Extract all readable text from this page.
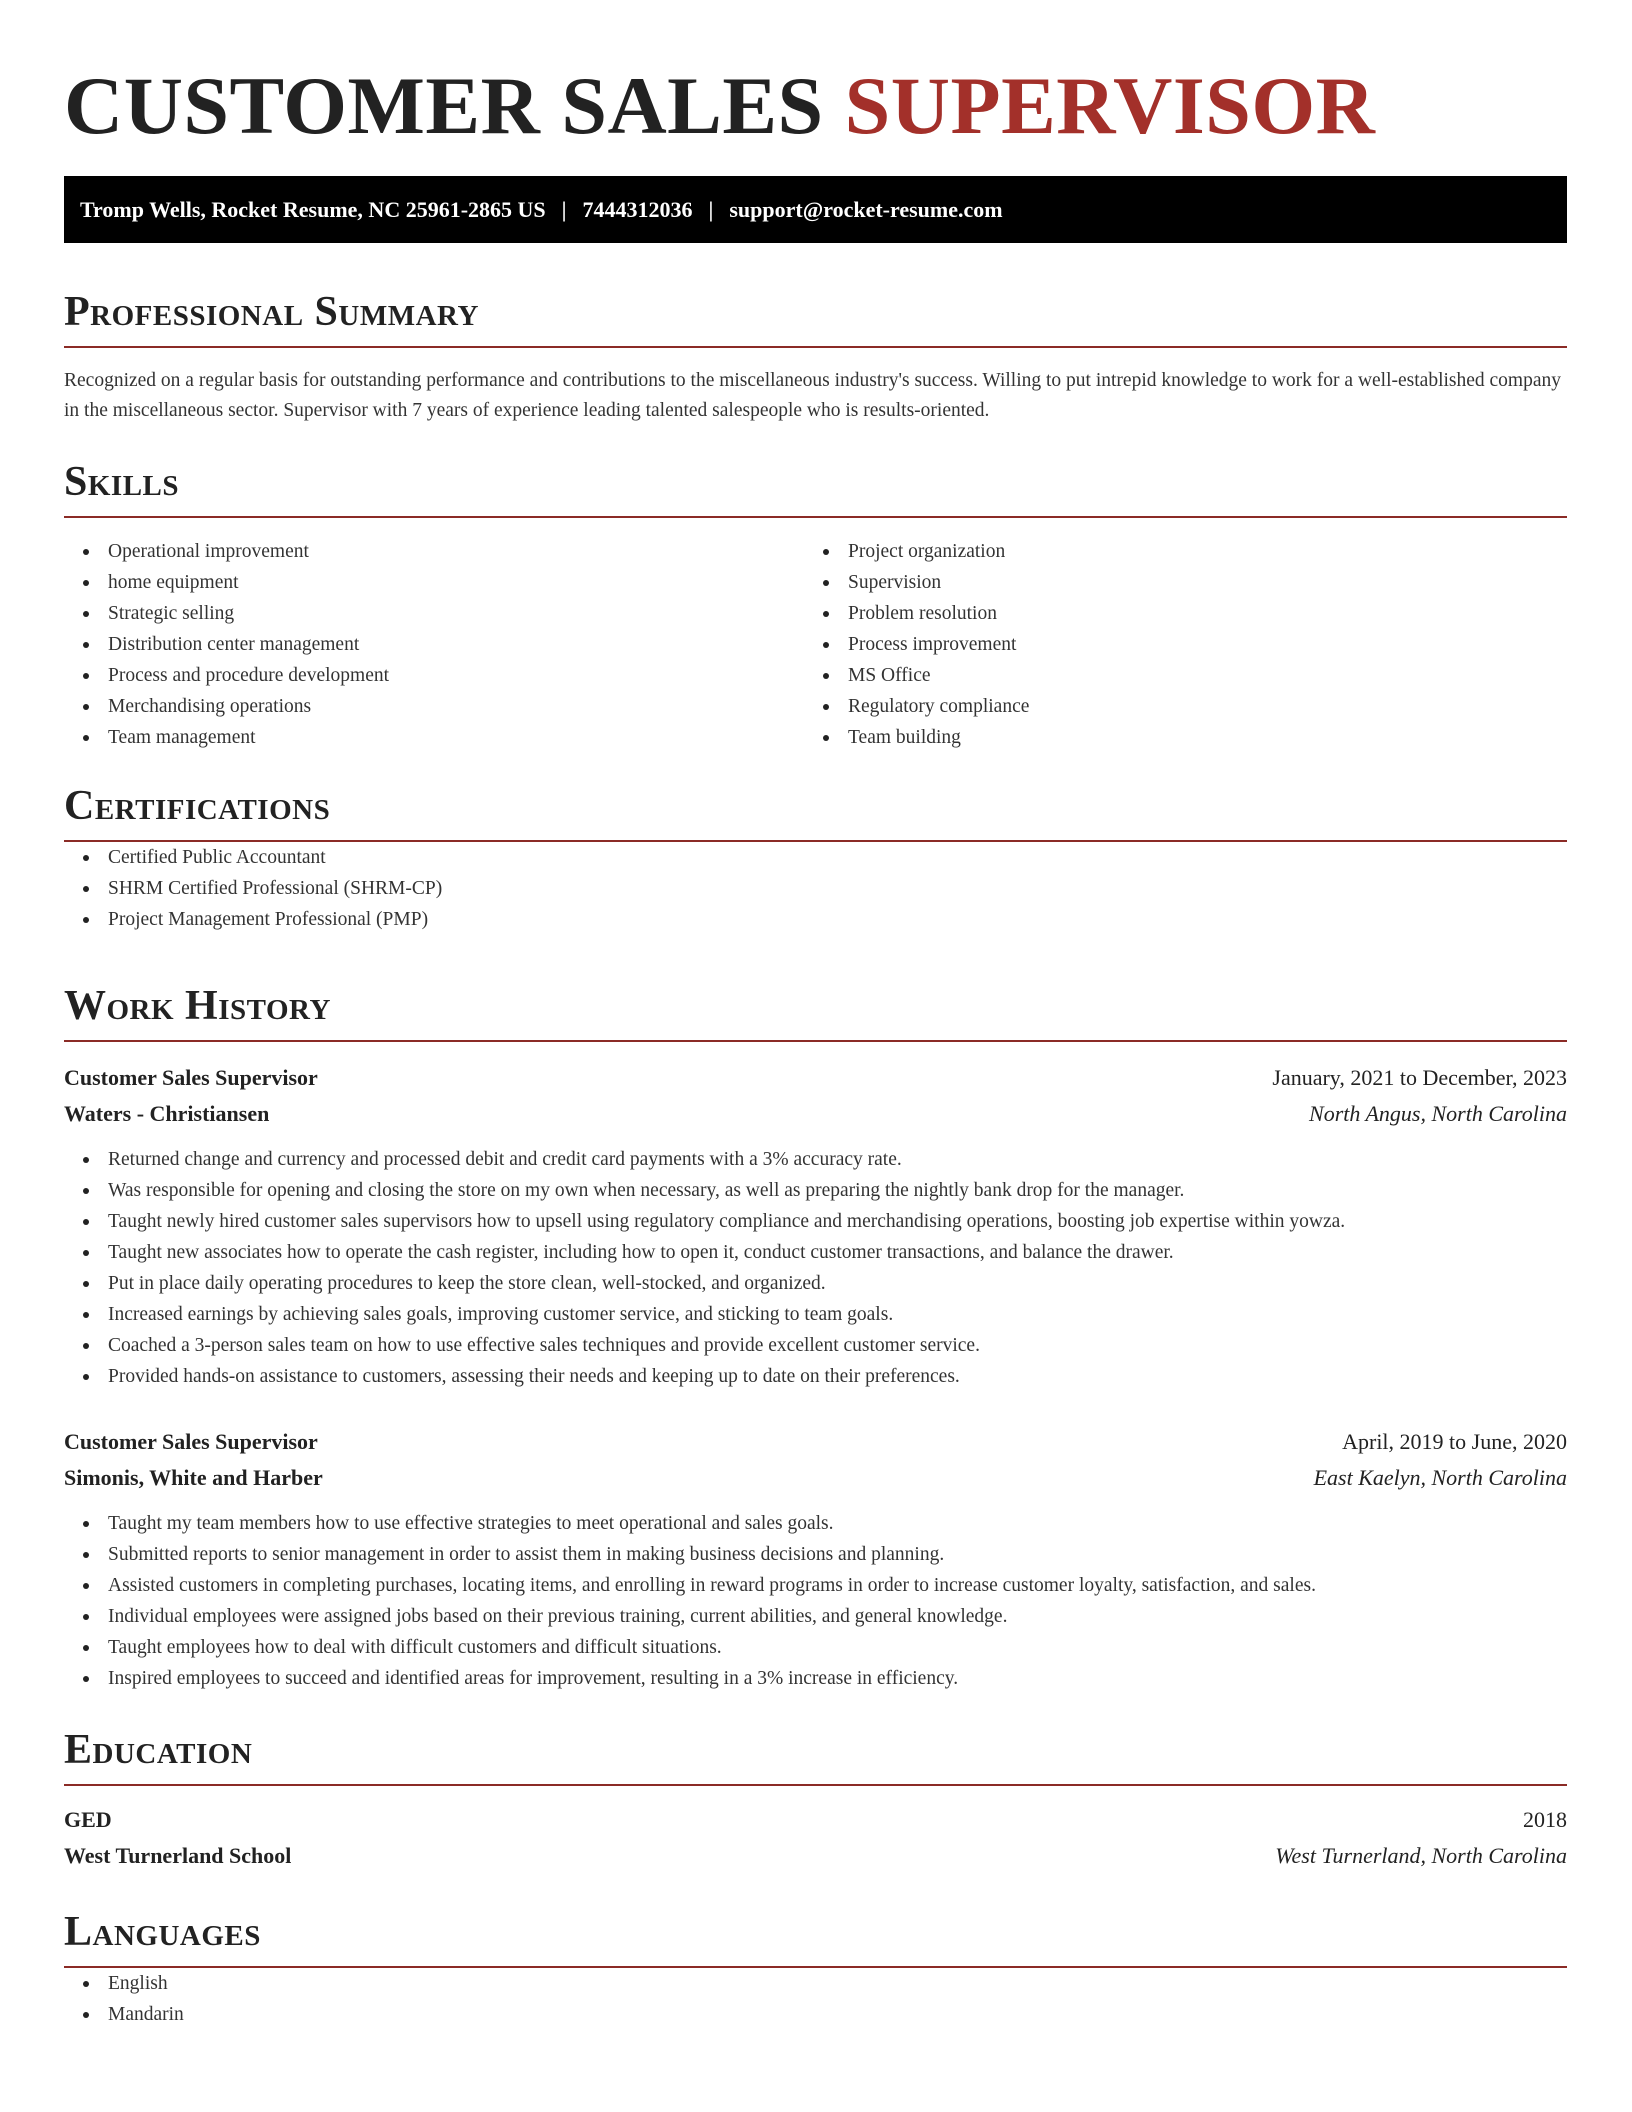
CUSTOMER SALES SUPERVISOR
Tromp Wells, Rocket Resume, NC 25961-2865 US | 7444312036 | support@rocket-resume.com
Professional Summary

Recognized on a regular basis for outstanding performance and contributions to the miscellaneous industry's success. Willing to put intrepid knowledge to work for a well-established company in the miscellaneous sector. Supervisor with 7 years of experience leading talented salespeople who is results-oriented.

Skills
Operational improvement
home equipment
Strategic selling
Distribution center management
Process and procedure development
Merchandising operations
Team management
Project organization
Supervision
Problem resolution
Process improvement
MS Office
Regulatory compliance
Team building
Certifications
Certified Public Accountant
SHRM Certified Professional (SHRM-CP)
Project Management Professional (PMP)
Work History
Customer Sales Supervisor	January, 2021 to December, 2023
Waters - Christiansen	North Angus, North Carolina
Returned change and currency and processed debit and credit card payments with a 3% accuracy rate.
Was responsible for opening and closing the store on my own when necessary, as well as preparing the nightly bank drop for the manager.
Taught newly hired customer sales supervisors how to upsell using regulatory compliance and merchandising operations, boosting job expertise within yowza.
Taught new associates how to operate the cash register, including how to open it, conduct customer transactions, and balance the drawer.
Put in place daily operating procedures to keep the store clean, well-stocked, and organized.
Increased earnings by achieving sales goals, improving customer service, and sticking to team goals.
Coached a 3-person sales team on how to use effective sales techniques and provide excellent customer service.
Provided hands-on assistance to customers, assessing their needs and keeping up to date on their preferences.
Customer Sales Supervisor	April, 2019 to June, 2020
Simonis, White and Harber	East Kaelyn, North Carolina
Taught my team members how to use effective strategies to meet operational and sales goals.
Submitted reports to senior management in order to assist them in making business decisions and planning.
Assisted customers in completing purchases, locating items, and enrolling in reward programs in order to increase customer loyalty, satisfaction, and sales.
Individual employees were assigned jobs based on their previous training, current abilities, and general knowledge.
Taught employees how to deal with difficult customers and difficult situations.
Inspired employees to succeed and identified areas for improvement, resulting in a 3% increase in efficiency.
Education
GED	2018
West Turnerland School	West Turnerland, North Carolina
Languages
English
Mandarin
